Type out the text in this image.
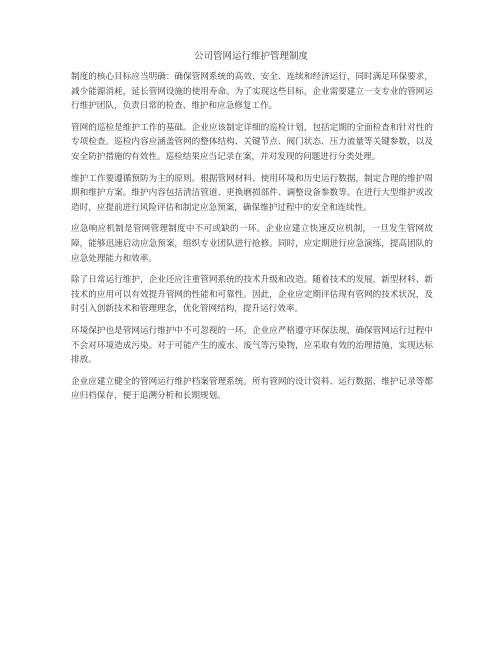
公司管网运行维护管理制度

制度的核心目标应当明确：确保管网系统的高效、安全、连续和经济运行，同时满足环保要求，减少能源消耗，延长管网设施的使用寿命。为了实现这些目标，企业需要建立一支专业的管网运行维护团队，负责日常的检查、维护和应急修复工作。

管网的巡检是维护工作的基础。企业应该制定详细的巡检计划，包括定期的全面检查和针对性的专项检查。巡检内容应涵盖管网的整体结构、关键节点、阀门状态、压力流量等关键参数，以及安全防护措施的有效性。巡检结果应当记录在案，并对发现的问题进行分类处理。

维护工作要遵循预防为主的原则。根据管网材料、使用环境和历史运行数据，制定合理的维护周期和维护方案。维护内容包括清洁管道、更换磨损部件、调整设备参数等。在进行大型维护或改造时，应提前进行风险评估和制定应急预案，确保维护过程中的安全和连续性。

应急响应机制是管网管理制度中不可或缺的一环。企业应建立快速反应机制，一旦发生管网故障，能够迅速启动应急预案，组织专业团队进行抢修。同时，应定期进行应急演练，提高团队的应急处理能力和效率。

除了日常运行维护，企业还应注重管网系统的技术升级和改造。随着技术的发展，新型材料、新技术的应用可以有效提升管网的性能和可靠性。因此，企业应定期评估现有管网的技术状况，及时引入创新技术和管理理念，优化管网结构，提升运行效率。

环境保护也是管网运行维护中不可忽视的一环。企业应严格遵守环保法规，确保管网运行过程中不会对环境造成污染。对于可能产生的废水、废气等污染物，应采取有效的治理措施，实现达标排放。

企业应建立健全的管网运行维护档案管理系统。所有管网的设计资料、运行数据、维护记录等都应归档保存，便于追溯分析和长期规划。
